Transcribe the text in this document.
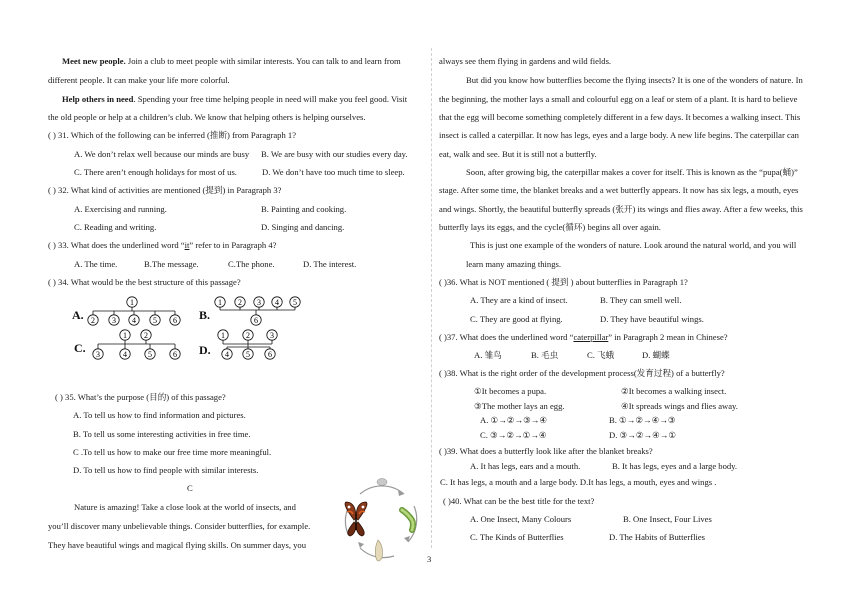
Meet new people. Join a club to meet people with similar interests. You can talk to and learn from
different people. It can make your life more colorful.
Help others in need. Spending your free time helping people in need will make you feel good. Visit
the old people or help at a children’s club. We know that helping others is helping ourselves.
( ) 31. Which of the following can be inferred (推断) from Paragraph 1?
A. We don’t relax well because our minds are busy B. We are busy with our studies every day.
C. There aren’t enough holidays for most of us.	D. We don’t have too much time to sleep.
( ) 32. What kind of activities are mentioned (提到) in Paragraph 3?
A. Exercising and running.	B. Painting and cooking.
C. Reading and writing.	D. Singing and dancing.
( ) 33. What does the underlined word “it” refer to in Paragraph 4?
A. The time.	B.The message.	C.The phone.	D. The interest.
( ) 34. What would be the best structure of this passage?
1
2 3 4 5 6
1 2 3 4 5
6
1 2
3	4	5	6
1	2	3
4 5 6
A.	B.
C.	D.
( ) 35. What’s the purpose (目的) of this passage?
A. To tell us how to find information and pictures.
B. To tell us some interesting activities in free time.
C .To tell us how to make our free time more meaningful.
D. To tell us how to find people with similar interests.
C
Nature is amazing! Take a close look at the world of insects, and
you’ll discover many unbelievable things. Consider butterflies, for example.
They have beautiful wings and magical flying skills. On summer days, you
always see them flying in gardens and wild fields.
But did you know how butterflies become the flying insects? It is one of the wonders of nature. In
the beginning, the mother lays a small and colourful egg on a leaf or stem of a plant. It is hard to believe
that the egg will become something completely different in a few days. It becomes a walking insect. This
insect is called a caterpillar. It now has legs, eyes and a large body. A new life begins. The caterpillar can
eat, walk and see. But it is still not a butterfly.
Soon, after growing big, the caterpillar makes a cover for itself. This is known as the “pupa(蛹)”
stage. After some time, the blanket breaks and a wet butterfly appears. It now has six legs, a mouth, eyes
and wings. Shortly, the beautiful butterfly spreads (张开) its wings and flies away. After a few weeks, this
butterfly lays its eggs, and the cycle(循环) begins all over again.
This is just one example of the wonders of nature. Look around the natural world, and you will
learn many amazing things.
( )36. What is NOT mentioned ( 提到 ) about butterflies in Paragraph 1?
A. They are a kind of insect.	B. They can smell well.
C. They are good at flying.	D. They have beautiful wings.
( )37. What does the underlined word “caterpillar” in Paragraph 2 mean in Chinese?
A. 雏鸟	B. 毛虫	C. 飞蛾	D. 蝴蝶
( )38. What is the right order of the development process(发育过程) of a butterfly?
①It becomes a pupa.	②It becomes a walking insect.
③The mother lays an egg.	④It spreads wings and flies away.
A. ①→②→③→④	B. ①→②→④→③
C. ③→②→①→④	D. ③→②→④→①
( )39. What does a butterfly look like after the blanket breaks?
A. It has legs, ears and a mouth.	B. It has legs, eyes and a large body.
C. It has legs, a mouth and a large body. D.It has legs, a mouth, eyes and wings .
( )40. What can be the best title for the text?
A. One Insect, Many Colours	B. One Insect, Four Lives
C. The Kinds of Butterflies	D. The Habits of Butterflies
3
